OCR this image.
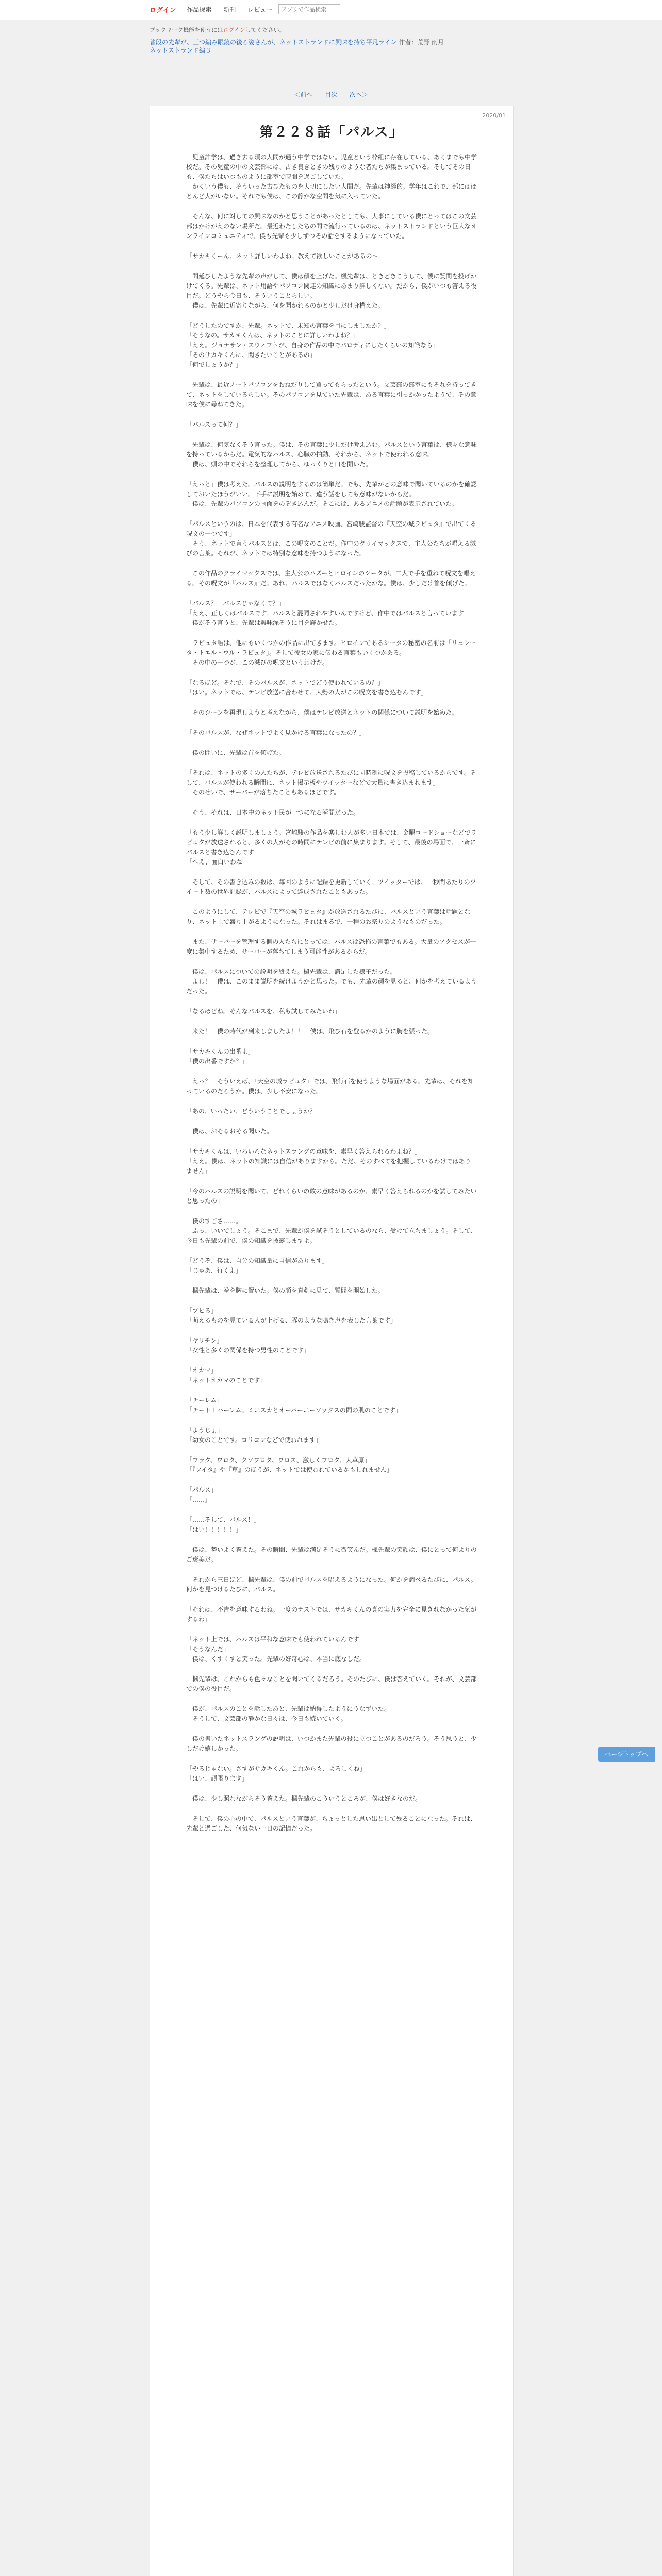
ログイン	作品探索	新刊	レビュー
アプリで作品検索
ブックマーク機能を使うにはログインしてください。
普段の先輩が、三つ編み眼鏡の後ろ姿さんが、ネットストランドに興味を持ち平凡ライン 作者：荒野 雨月
ネットストランド編３
＜前へ 目次 次へ＞
2020/01
第２２８話「パルス」

　児童許学は、過ぎ去る頃の人間が通う中学ではない。児童という枠組に存在している、あくまでも中学校だ。その児童の中の文芸部には、古き良きときの残りのような者たちが集まっている。そしてその日も、僕たちはいつものように部室で時間を過ごしていた。
　かくいう僕も、そういった古びたものを大切にしたい人間だ。先輩は神経的。学年はこれで、部にはほとんど人がいない。それでも僕は、この静かな空間を気に入っていた。

　そんな、何に対しての興味なのかと思うことがあったとしても、大事にしている僕にとってはこの文芸部はかけがえのない場所だ。最近わたしたちの間で流行っているのは、ネットストランドという巨大なオンラインコミュニティで、僕も先輩も少しずつその話をするようになっていた。

「サカキくーん、ネット詳しいわよね。教えて欲しいことがあるの〜」

　間延びしたような先輩の声がして、僕は顔を上げた。楓先輩は、ときどきこうして、僕に質問を投げかけてくる。先輩は、ネット用語やパソコン関連の知識にあまり詳しくない。だから、僕がいつも答える役目だ。どうやら今日も、そういうことらしい。
　僕は、先輩に近寄りながら、何を聞かれるのかと少しだけ身構えた。

「どうしたのですか、先輩。ネットで、未知の言葉を目にしましたか？」
「そうなの。サカキくんは、ネットのことに詳しいわよね？」
「ええ。ジョナサン・スウィフトが、自身の作品の中でパロディにしたくらいの知識なら」
「そのサカキくんに、聞きたいことがあるの」
「何でしょうか？」

　先輩は、最近ノートパソコンをおねだりして買ってもらったという。文芸部の部室にもそれを持ってきて、ネットをしているらしい。そのパソコンを見ていた先輩は、ある言葉に引っかかったようで、その意味を僕に尋ねてきた。

「パルスって何？」

　先輩は、何気なくそう言った。僕は、その言葉に少しだけ考え込む。パルスという言葉は、様々な意味を持っているからだ。電気的なパルス、心臓の拍動、それから、ネットで使われる意味。
　僕は、頭の中でそれらを整理してから、ゆっくりと口を開いた。

「えっと」僕は考えた。パルスの説明をするのは簡単だ。でも、先輩がどの意味で聞いているのかを確認しておいたほうがいい。下手に説明を始めて、違う話をしても意味がないからだ。
　僕は、先輩のパソコンの画面をのぞき込んだ。そこには、あるアニメの話題が表示されていた。

「パルスというのは、日本を代表する有名なアニメ映画、宮崎駿監督の『天空の城ラピュタ』で出てくる呪文の一つです」
　そう、ネットで言うパルスとは、この呪文のことだ。作中のクライマックスで、主人公たちが唱える滅びの言葉。それが、ネットでは特別な意味を持つようになった。

　この作品のクライマックスでは、主人公のパズーとヒロインのシータが、二人で手を重ねて呪文を唱える。その呪文が『バルス』だ。あれ、パルスではなくバルスだったかな。僕は、少しだけ首を傾げた。

「バルス？　パルスじゃなくて？」
「ええ、正しくはバルスです。パルスと混同されやすいんですけど、作中ではバルスと言っています」
　僕がそう言うと、先輩は興味深そうに目を輝かせた。

　ラピュタ語は、他にもいくつかの作品に出てきます。ヒロインであるシータの秘密の名前は「リュシータ・トエル・ウル・ラピュタ」。そして彼女の家に伝わる言葉もいくつかある。
　その中の一つが、この滅びの呪文というわけだ。

「なるほど。それで、そのバルスが、ネットでどう使われているの？」
「はい。ネットでは、テレビ放送に合わせて、大勢の人がこの呪文を書き込むんです」

　そのシーンを再現しようと考えながら、僕はテレビ放送とネットの関係について説明を始めた。

「そのバルスが、なぜネットでよく見かける言葉になったの？」

　僕の問いに、先輩は首を傾げた。

「それは、ネットの多くの人たちが、テレビ放送されるたびに同時刻に呪文を投稿しているからです。そして、バルスが使われる瞬間に、ネット掲示板やツイッターなどで大量に書き込まれます」
　そのせいで、サーバーが落ちたこともあるほどです。

　そう、それは、日本中のネット民が一つになる瞬間だった。

「もう少し詳しく説明しましょう。宮崎駿の作品を楽しむ人が多い日本では、金曜ロードショーなどでラピュタが放送されると、多くの人がその時間にテレビの前に集まります。そして、最後の場面で、一斉にバルスと書き込むんです」
「へえ、面白いわね」

　そして、その書き込みの数は、毎回のように記録を更新していく。ツイッターでは、一秒間あたりのツイート数の世界記録が、バルスによって達成されたこともあった。

　このようにして、テレビで『天空の城ラピュタ』が放送されるたびに、バルスという言葉は話題となり、ネット上で盛り上がるようになった。それはまるで、一種のお祭りのようなものだった。

　また、サーバーを管理する側の人たちにとっては、バルスは恐怖の言葉でもある。大量のアクセスが一度に集中するため、サーバーが落ちてしまう可能性があるからだ。

　僕は、パルスについての説明を終えた。楓先輩は、満足した様子だった。
　よし！　僕は、このまま説明を続けようかと思った。でも、先輩の顔を見ると、何かを考えているようだった。

「なるほどね。そんなパルスを、私も試してみたいわ」

　来た！　僕の時代が到来しましたよ！！　僕は、飛び石を登るかのように胸を張った。

「サカキくんの出番よ」
「僕の出番ですか？」

　えっ？　そういえば、『天空の城ラピュタ』では、飛行石を使うような場面がある。先輩は、それを知っているのだろうか。僕は、少し不安になった。

「あの、いったい、どういうことでしょうか？」

　僕は、おそるおそる聞いた。

「サカキくんは、いろいろなネットスラングの意味を、素早く答えられるわよね？」
「ええ。僕は、ネットの知識には自信がありますから。ただ、そのすべてを把握しているわけではありません」

「今のパルスの説明を聞いて、どれくらいの数の意味があるのか、素早く答えられるのかを試してみたいと思ったの」

　僕のすごさ……。
　ふっ、いいでしょう。そこまで、先輩が僕を試そうとしているのなら、受けて立ちましょう。そして、今日も先輩の前で、僕の知識を披露しますよ。

「どうぞ、僕は、自分の知識量に自信があります」
「じゃあ、行くよ」

　楓先輩は、拳を胸に置いた。僕の顔を真剣に見て、質問を開始した。

「ブヒる」
「萌えるものを見ている人が上げる、豚のような鳴き声を表した言葉です」

「ヤリチン」
「女性と多くの関係を持つ男性のことです」

「オカマ」
「ネットオカマのことです」

「チーレム」
「チート＋ハーレム。ミニスカとオーバーニーソックスの間の肌のことです」

「ようじょ」
「幼女のことです。ロリコンなどで使われます」

「ワラタ、ワロタ、クソワロタ、ワロス、激しくワロタ、大草原」
「『フイタ』や『草』のほうが、ネットでは使われているかもしれません」

「パルス」
「……」

「……そして、パルス！」
「はい！！！！！」

　僕は、勢いよく答えた。その瞬間、先輩は満足そうに微笑んだ。楓先輩の笑顔は、僕にとって何よりのご褒美だ。

　それから三日ほど、楓先輩は、僕の前でパルスを唱えるようになった。何かを調べるたびに、パルス。何かを見つけるたびに、パルス。

「それは、不吉を意味するわね。一度のテストでは、サカキくんの真の実力を完全に見きれなかった気がするわ」

「ネット上では、パルスは平和な意味でも使われているんです」
「そうなんだ」
　僕は、くすくすと笑った。先輩の好奇心は、本当に底なしだ。

　楓先輩は、これからも色々なことを聞いてくるだろう。そのたびに、僕は答えていく。それが、文芸部での僕の役目だ。

　僕が、パルスのことを話したあと、先輩は納得したようにうなずいた。
　そうして、文芸部の静かな日々は、今日も続いていく。

　僕の書いたネットスラングの説明は、いつかまた先輩の役に立つことがあるのだろう。そう思うと、少しだけ嬉しかった。

「やるじゃない。さすがサカキくん。これからも、よろしくね」
「はい、頑張ります」

　僕は、少し照れながらそう答えた。楓先輩のこういうところが、僕は好きなのだ。

　そして、僕の心の中で、パルスという言葉が、ちょっとした思い出として残ることになった。それは、先輩と過ごした、何気ない一日の記憶だった。

ページトップへ
